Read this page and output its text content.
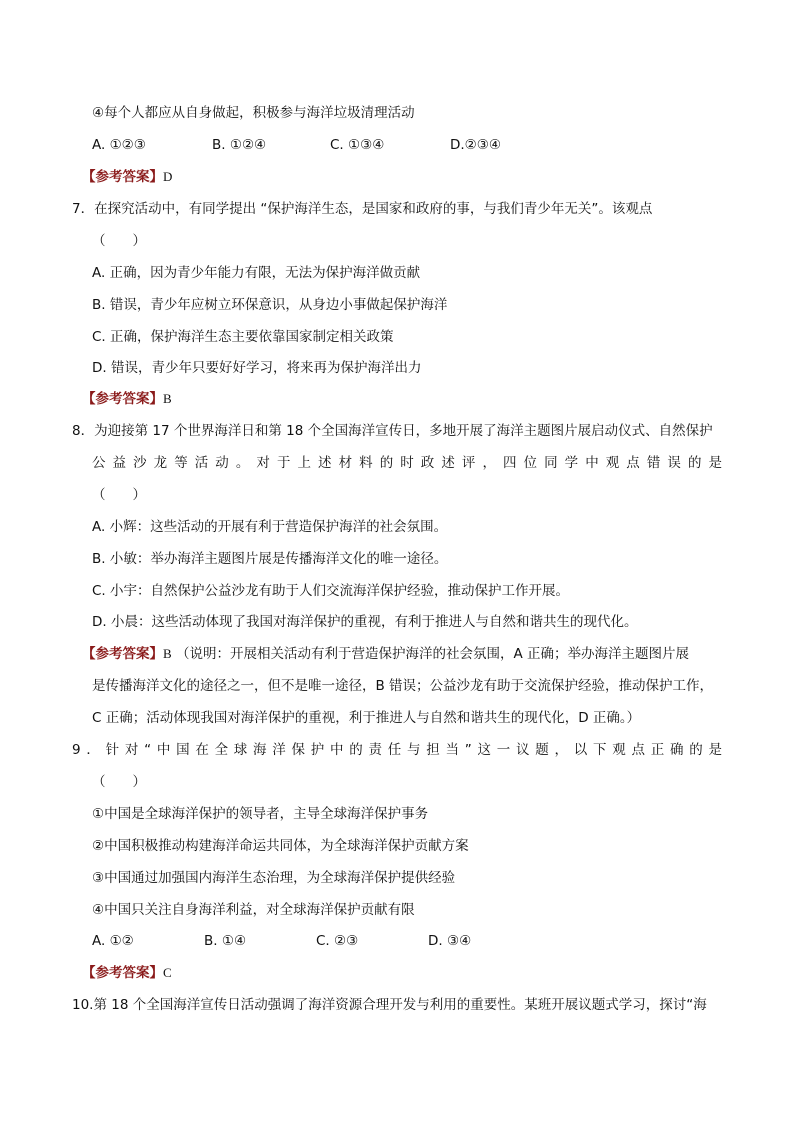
④每个人都应从自身做起，积极参与海洋垃圾清理活动
A. ①②③	B. ①②④	C. ①③④	D.②③④
【参考答案】D
7．在探究活动中，有同学提出 “保护海洋生态，是国家和政府的事，与我们青少年无关”。该观点
（　　）
A. 正确，因为青少年能力有限，无法为保护海洋做贡献
B. 错误，青少年应树立环保意识，从身边小事做起保护海洋
C. 正确，保护海洋生态主要依靠国家制定相关政策
D. 错误，青少年只要好好学习，将来再为保护海洋出力
【参考答案】B
8．为迎接第 17 个世界海洋日和第 18 个全国海洋宣传日，多地开展了海洋主题图片展启动仪式、自然保护
公益沙龙等活动。对于上述材料的时政述评，四位同学中观点错误的是
（　　）
A. 小辉：这些活动的开展有利于营造保护海洋的社会氛围。
B. 小敏：举办海洋主题图片展是传播海洋文化的唯一途径。
C. 小宇：自然保护公益沙龙有助于人们交流海洋保护经验，推动保护工作开展。
D. 小晨：这些活动体现了我国对海洋保护的重视，有利于推进人与自然和谐共生的现代化。
【参考答案】B （说明：开展相关活动有利于营造保护海洋的社会氛围，A 正确；举办海洋主题图片展
是传播海洋文化的途径之一，但不是唯一途径，B 错误；公益沙龙有助于交流保护经验，推动保护工作，
C 正确；活动体现我国对海洋保护的重视，利于推进人与自然和谐共生的现代化，D 正确。）
9．针对“中国在全球海洋保护中的责任与担当”这一议题，以下观点正确的是
（　　）
①中国是全球海洋保护的领导者，主导全球海洋保护事务
②中国积极推动构建海洋命运共同体，为全球海洋保护贡献方案
③中国通过加强国内海洋生态治理，为全球海洋保护提供经验
④中国只关注自身海洋利益，对全球海洋保护贡献有限
A. ①②	B. ①④	C. ②③	D. ③④
【参考答案】C
10.第 18 个全国海洋宣传日活动强调了海洋资源合理开发与利用的重要性。某班开展议题式学习，探讨“海
